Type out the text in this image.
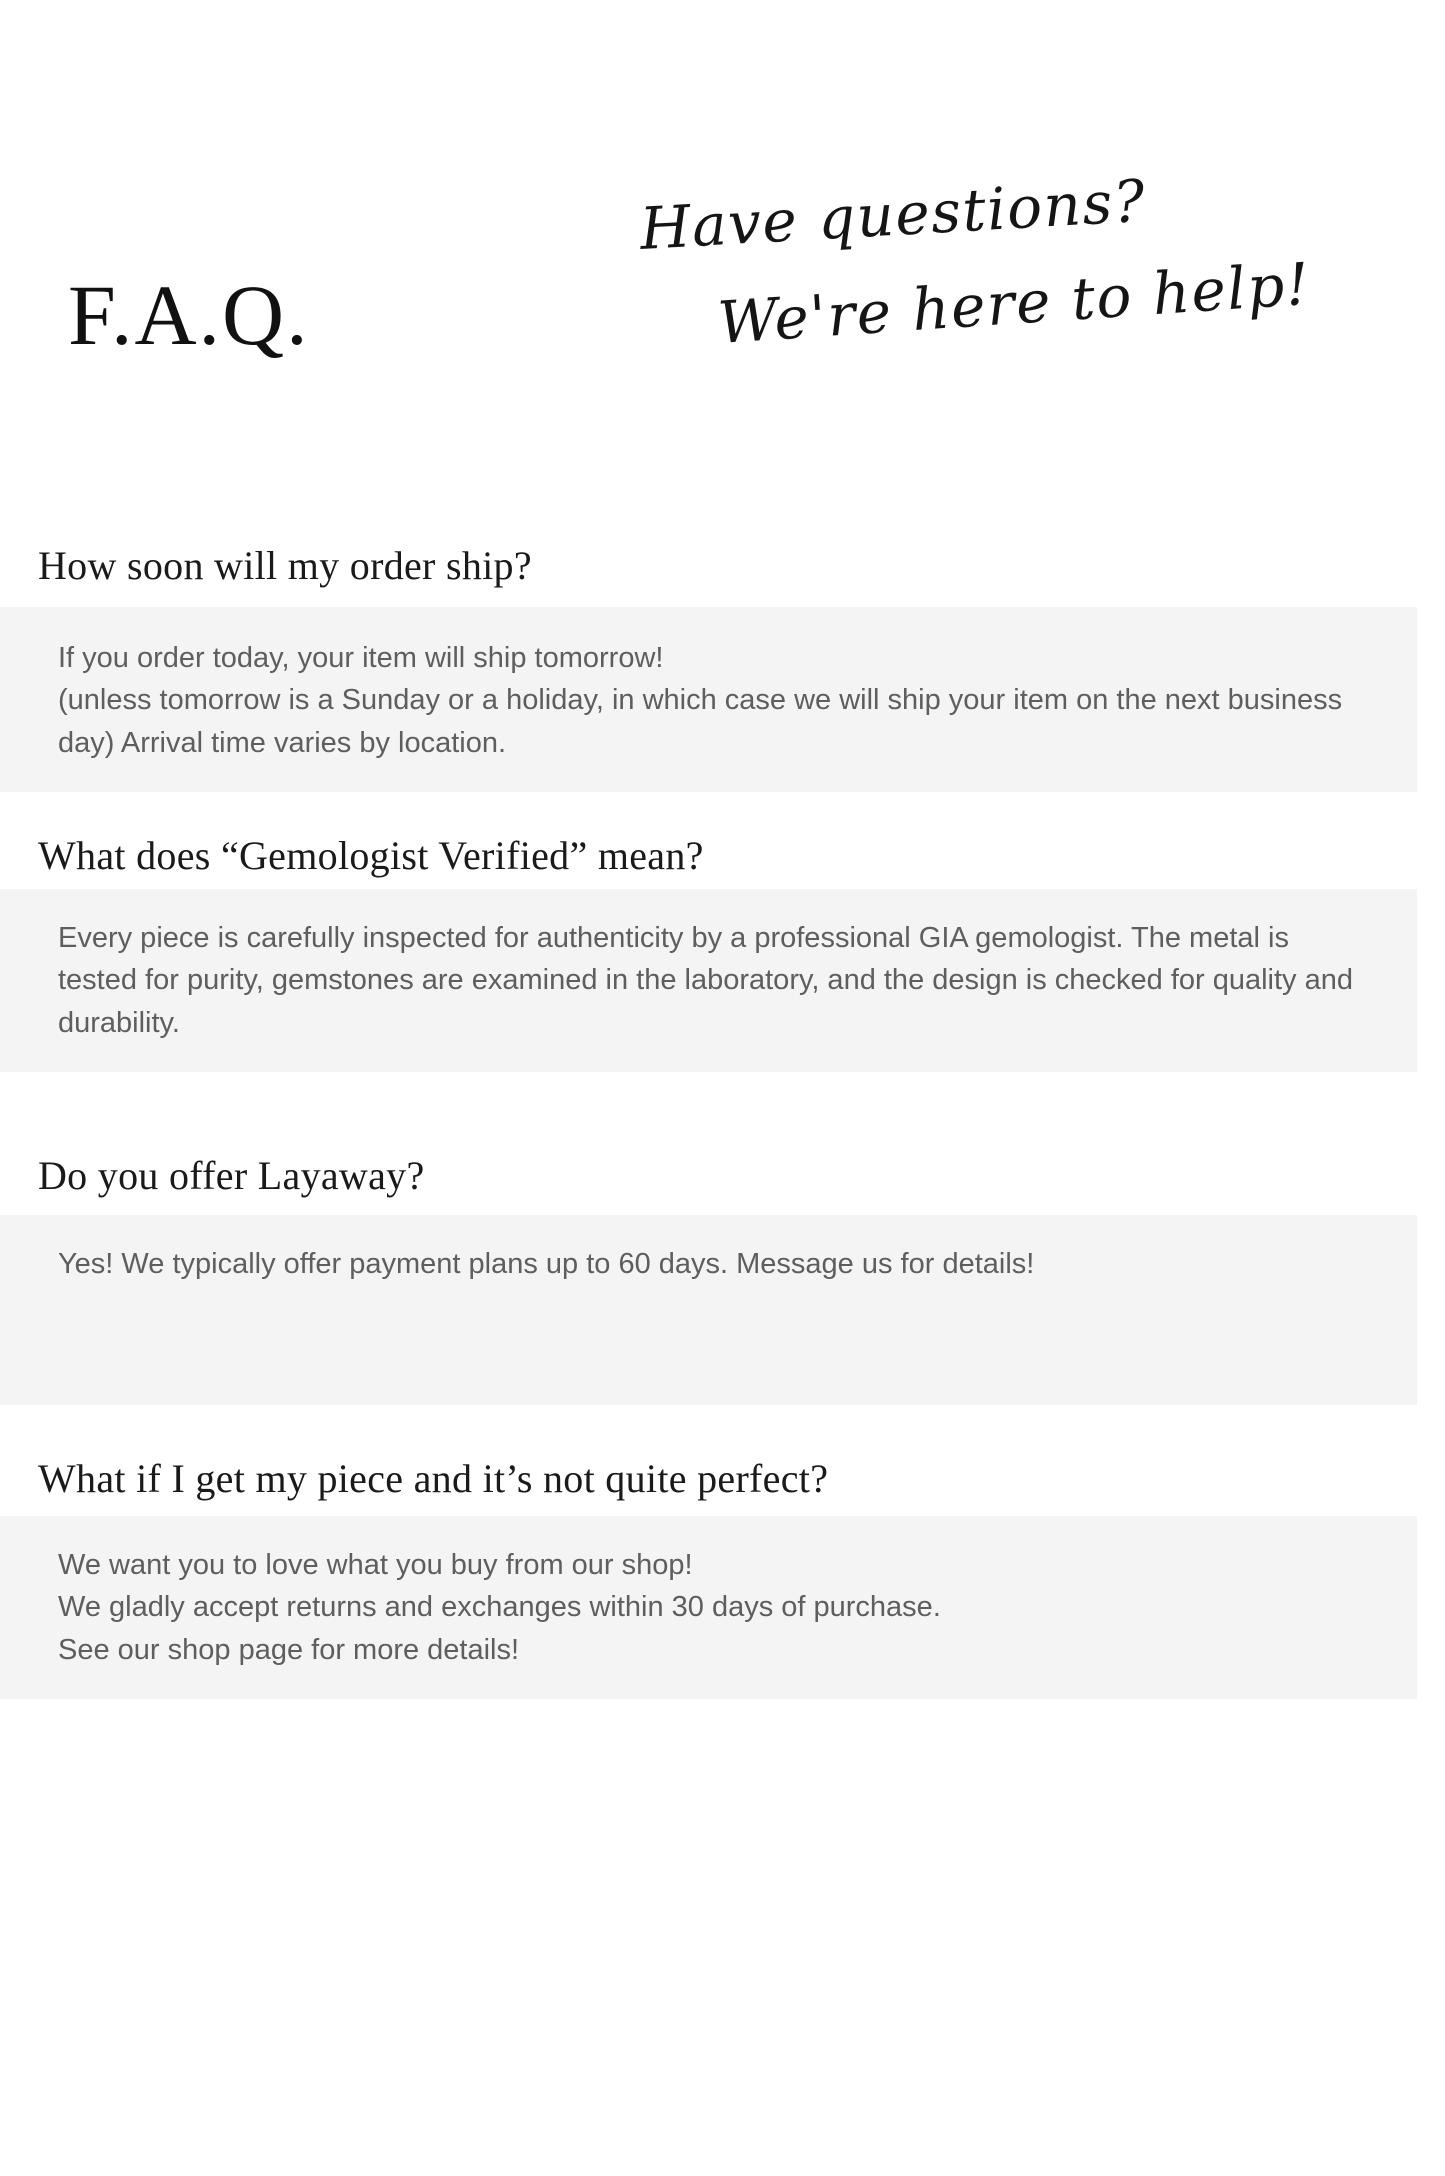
F.A.Q.
Have questions?
We're here to help!
How soon will my order ship?

If you order today, your item will ship tomorrow!

(unless tomorrow is a Sunday or a holiday, in which case we will ship your item on the next business day) Arrival time varies by location.

What does “Gemologist Verified” mean?

Every piece is carefully inspected for authenticity by a professional GIA gemologist. The metal is tested for purity, gemstones are examined in the laboratory, and the design is checked for quality and durability.

Do you offer Layaway?

Yes! We typically offer payment plans up to 60 days. Message us for details!

What if I get my piece and it’s not quite perfect?

We want you to love what you buy from our shop!

We gladly accept returns and exchanges within 30 days of purchase.

See our shop page for more details!
